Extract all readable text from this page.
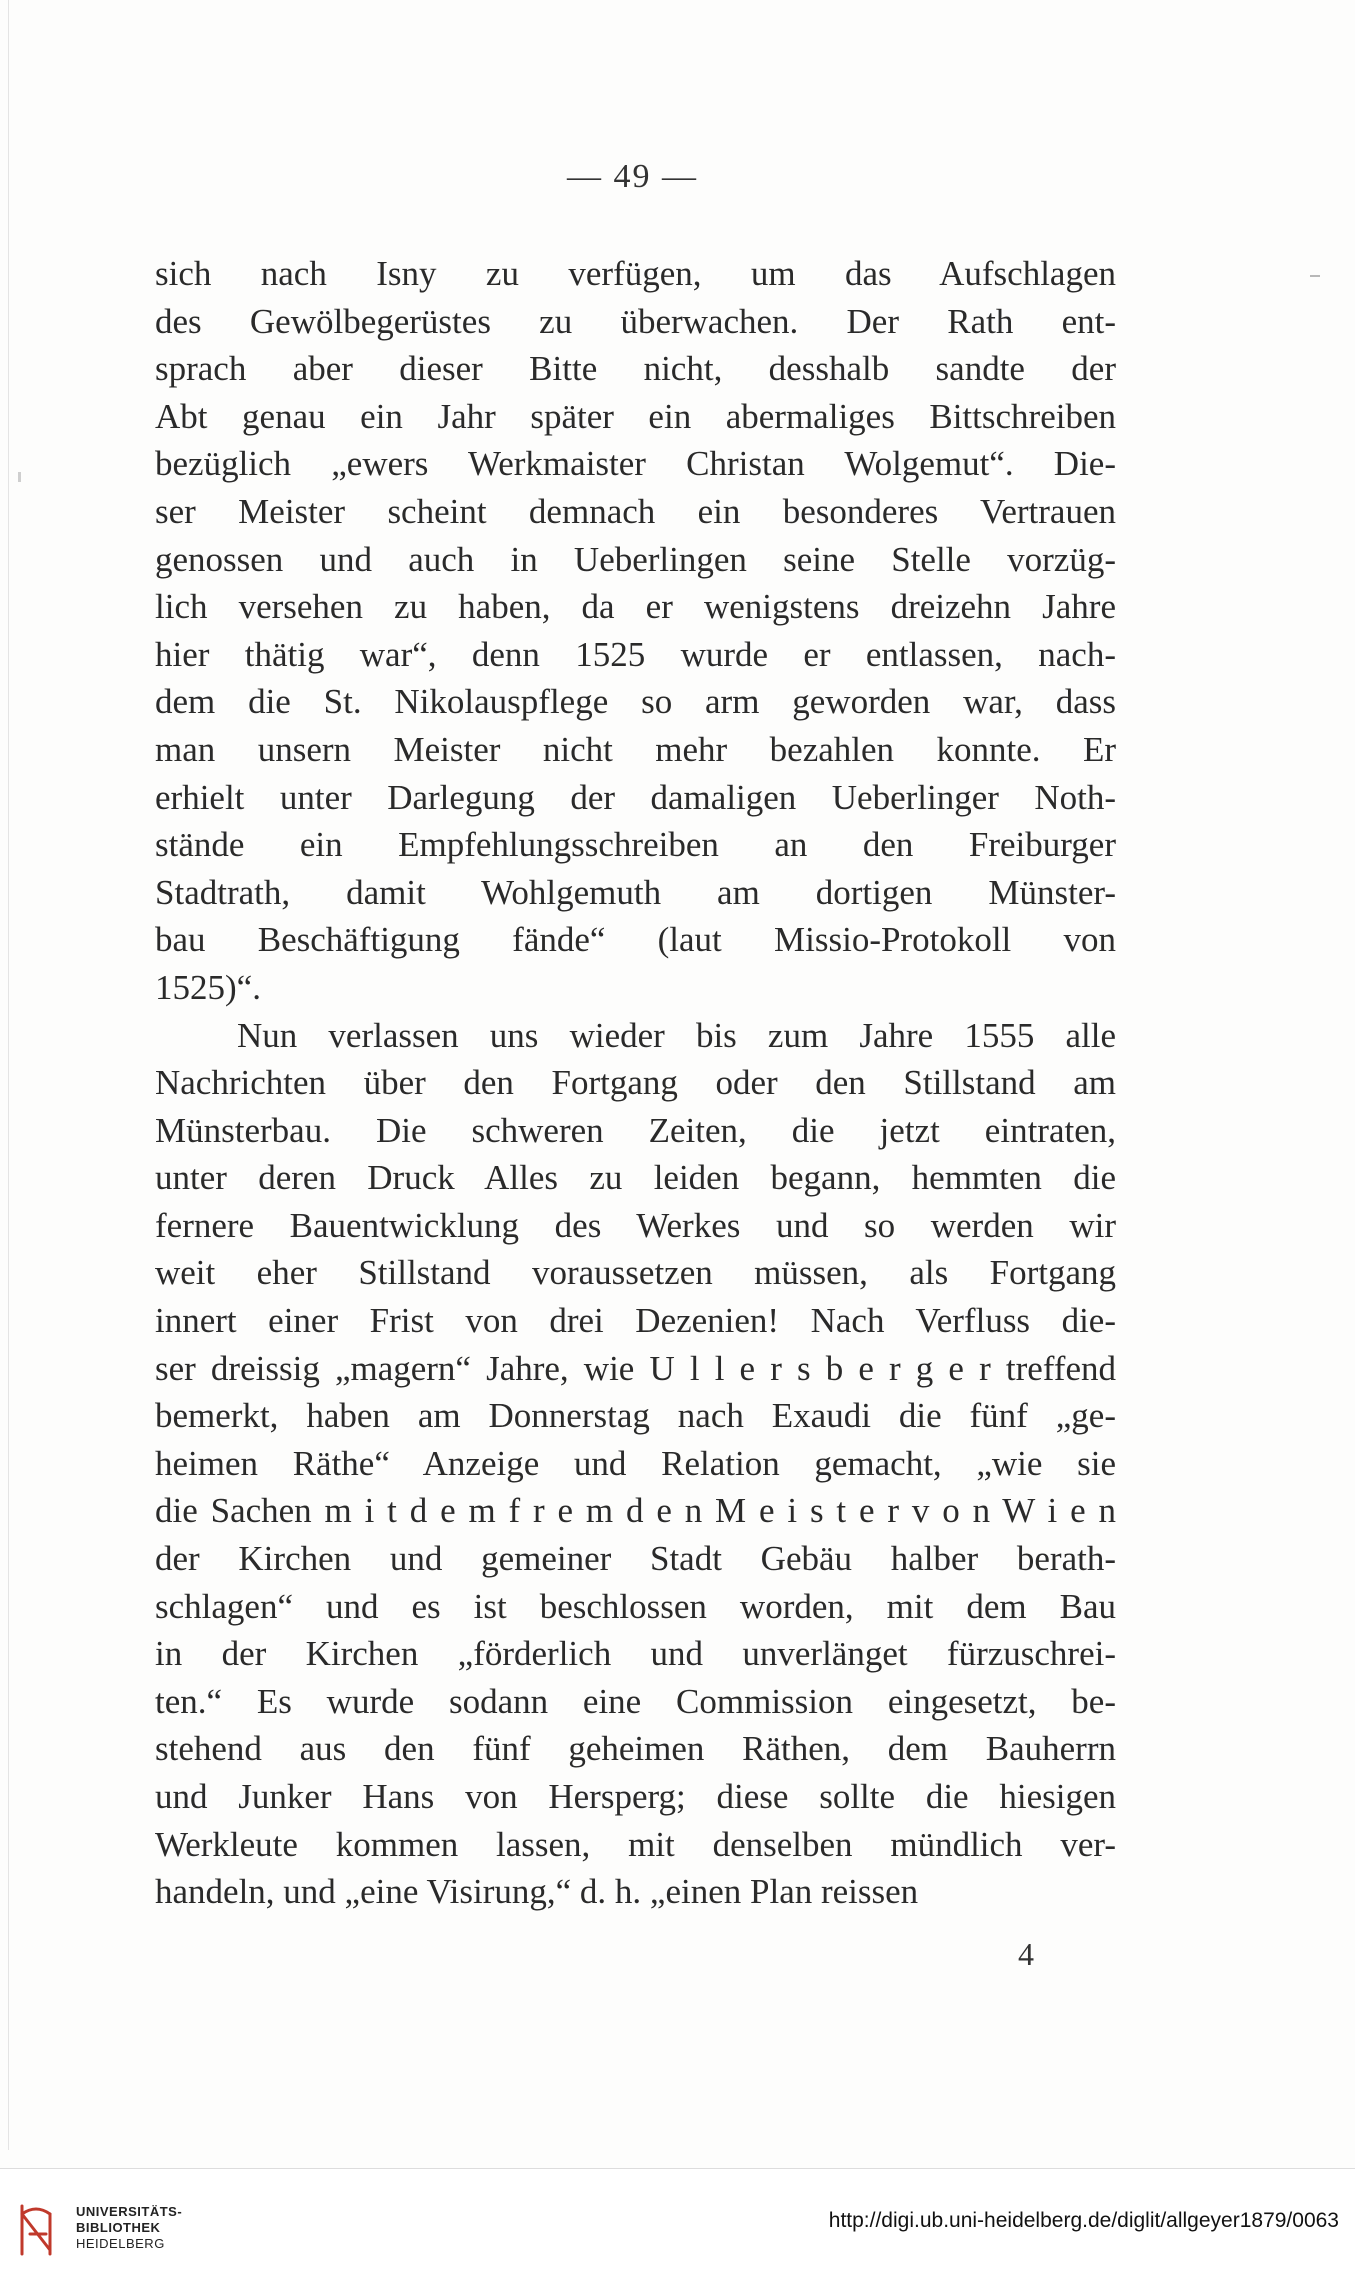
— 49 —
sich nach Isny zu verfügen, um das Aufschlagen
des Gewölbegerüstes zu überwachen. Der Rath ent-
sprach aber dieser Bitte nicht, desshalb sandte der
Abt genau ein Jahr später ein abermaliges Bittschreiben
bezüglich „ewers Werkmaister Christan Wolgemut“. Die-
ser Meister scheint demnach ein besonderes Vertrauen
genossen und auch in Ueberlingen seine Stelle vorzüg-
lich versehen zu haben, da er wenigstens dreizehn Jahre
hier thätig war“, denn 1525 wurde er entlassen, nach-
dem die St. Nikolauspflege so arm geworden war, dass
man unsern Meister nicht mehr bezahlen konnte. Er
erhielt unter Darlegung der damaligen Ueberlinger Noth-
stände ein Empfehlungsschreiben an den Freiburger
Stadtrath, damit Wohlgemuth am dortigen Münster-
bau Beschäftigung fände“ (laut Missio-Protokoll von
1525)“.
Nun verlassen uns wieder bis zum Jahre 1555 alle
Nachrichten über den Fortgang oder den Stillstand am
Münsterbau. Die schweren Zeiten, die jetzt eintraten,
unter deren Druck Alles zu leiden begann, hemmten die
fernere Bauentwicklung des Werkes und so werden wir
weit eher Stillstand voraussetzen müssen, als Fortgang
innert einer Frist von drei Dezenien! Nach Verfluss die-
ser dreissig „magern“ Jahre, wie U l l e r s b e r g e r treffend
bemerkt, haben am Donnerstag nach Exaudi die fünf „ge-
heimen Räthe“ Anzeige und Relation gemacht, „wie sie
die Sachen m i t d e m f r e m d e n M e i s t e r v o n W i e n
der Kirchen und gemeiner Stadt Gebäu halber berath-
schlagen“ und es ist beschlossen worden, mit dem Bau
in der Kirchen „förderlich und unverlänget fürzuschrei-
ten.“ Es wurde sodann eine Commission eingesetzt, be-
stehend aus den fünf geheimen Räthen, dem Bauherrn
und Junker Hans von Hersperg; diese sollte die hiesigen
Werkleute kommen lassen, mit denselben mündlich ver-
handeln, und „eine Visirung,“ d. h. „einen Plan reissen
4
UNIVERSITÄTS-
BIBLIOTHEK
HEIDELBERG
http://digi.ub.uni-heidelberg.de/diglit/allgeyer1879/0063
